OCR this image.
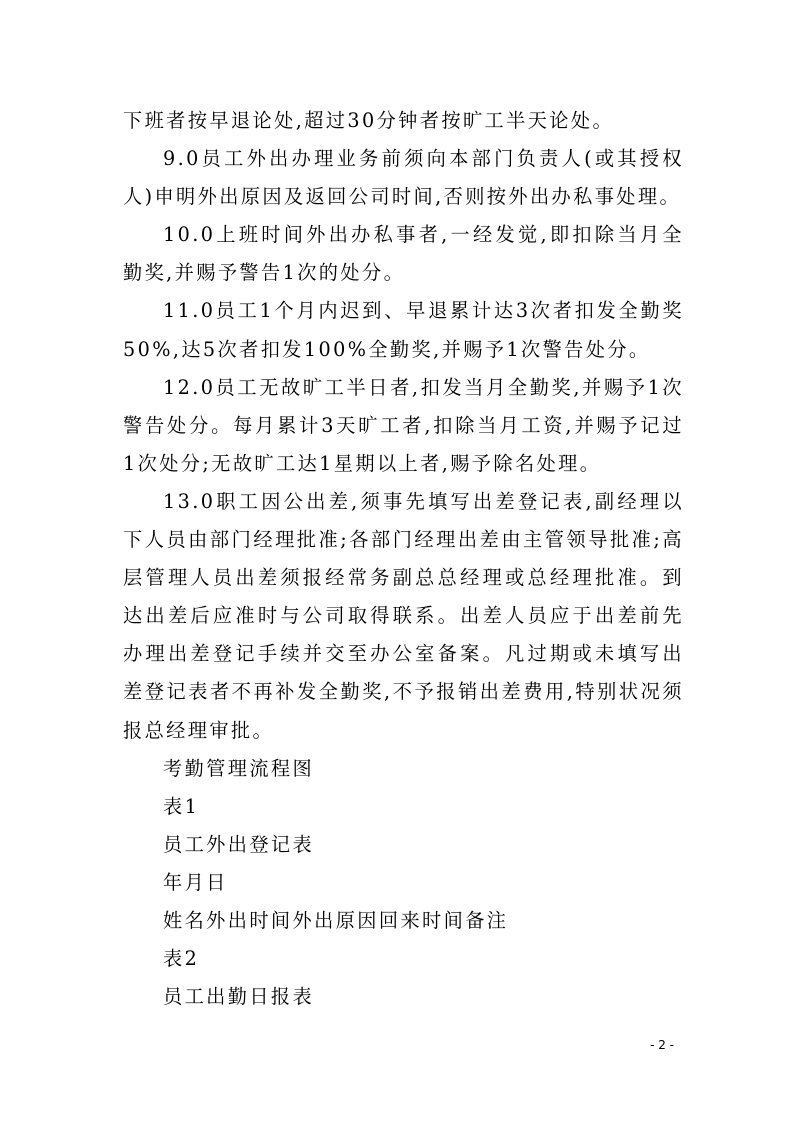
下班者按早退论处,超过30分钟者按旷工半天论处。

9.0员工外出办理业务前须向本部门负责人(或其授权人)申明外出原因及返回公司时间,否则按外出办私事处理。

10.0上班时间外出办私事者,一经发觉,即扣除当月全勤奖,并赐予警告1次的处分。

11.0员工1个月内迟到、早退累计达3次者扣发全勤奖50%,达5次者扣发100%全勤奖,并赐予1次警告处分。

12.0员工无故旷工半日者,扣发当月全勤奖,并赐予1次警告处分。每月累计3天旷工者,扣除当月工资,并赐予记过1次处分;无故旷工达1星期以上者,赐予除名处理。

13.0职工因公出差,须事先填写出差登记表,副经理以下人员由部门经理批准;各部门经理出差由主管领导批准;高层管理人员出差须报经常务副总总经理或总经理批准。到达出差后应准时与公司取得联系。出差人员应于出差前先办理出差登记手续并交至办公室备案。凡过期或未填写出差登记表者不再补发全勤奖,不予报销出差费用,特别状况须报总经理审批。

考勤管理流程图

表1

员工外出登记表

年月日

姓名外出时间外出原因回来时间备注

表2

员工出勤日报表

- 2 -
